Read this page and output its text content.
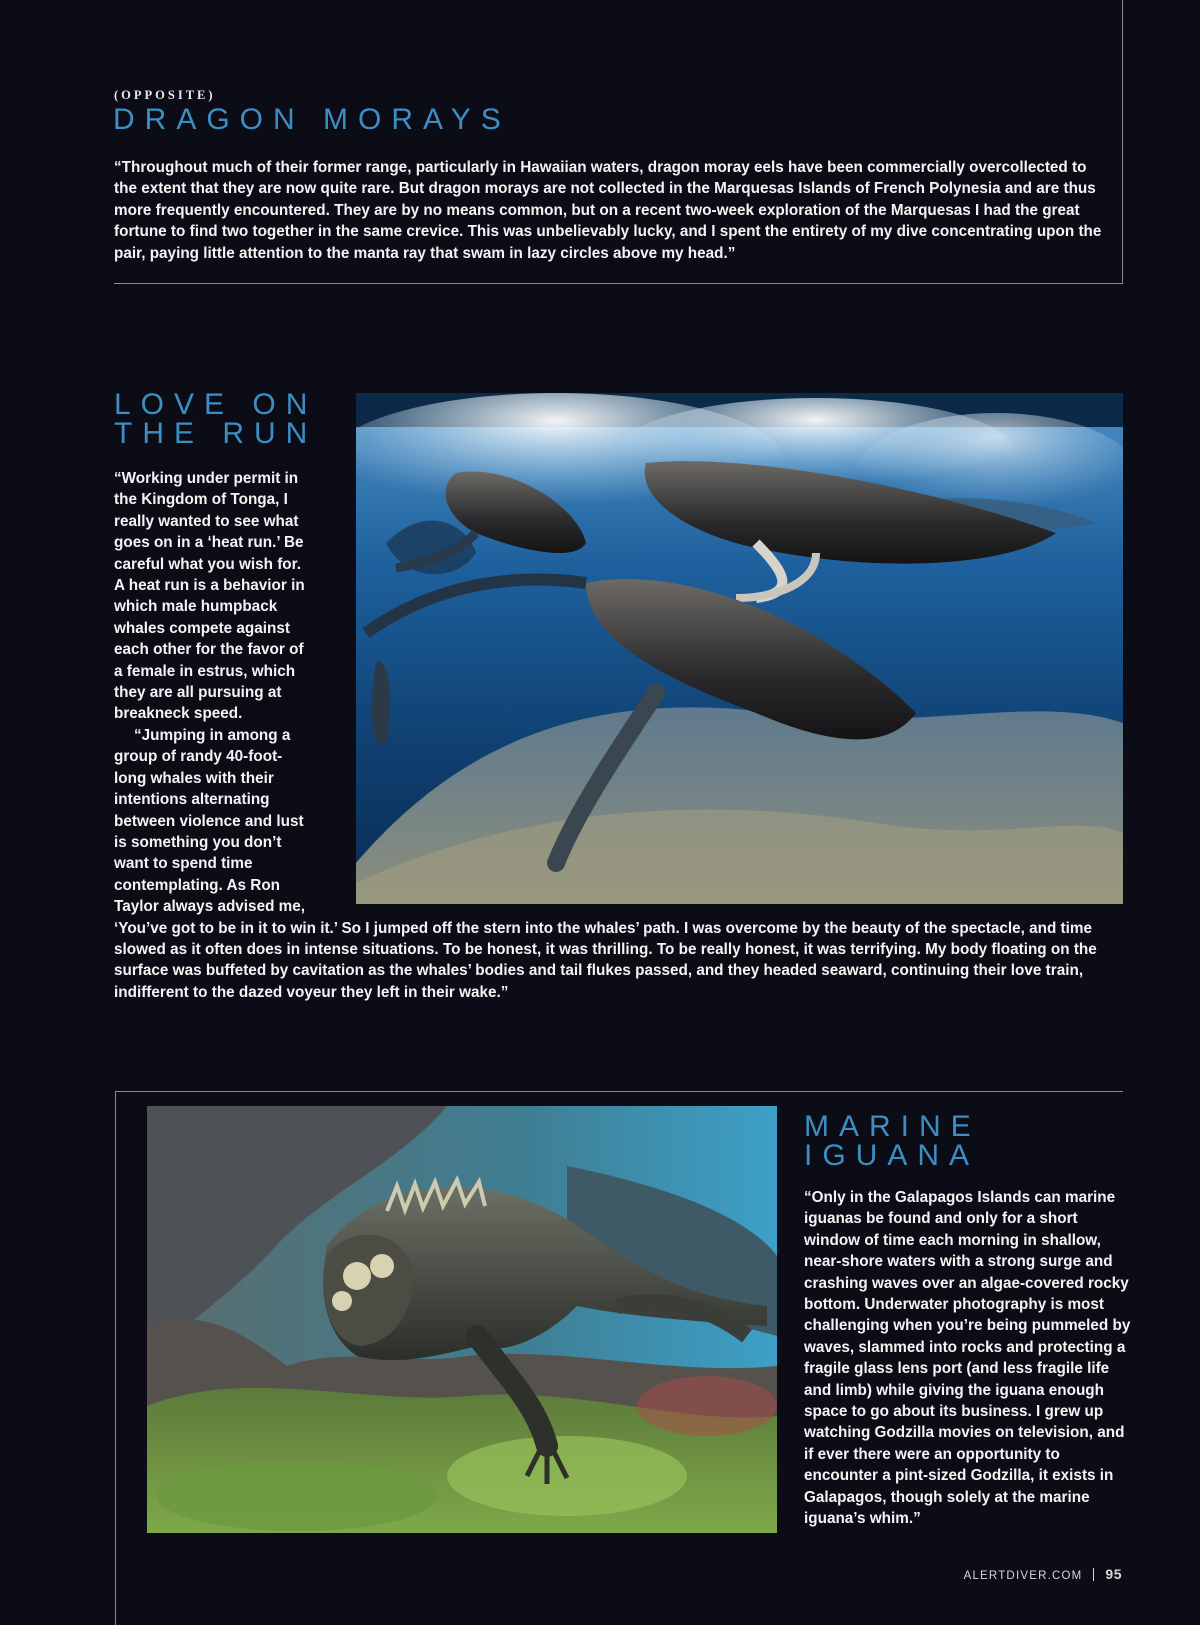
(OPPOSITE)
DRAGON MORAYS
“Throughout much of their former range, particularly in Hawaiian waters, dragon moray eels have been commercially overcollected to the extent that they are now quite rare. But dragon morays are not collected in the Marquesas Islands of French Polynesia and are thus more frequently encountered. They are by no means common, but on a recent two-week exploration of the Marquesas I had the great fortune to find two together in the same crevice. This was unbelievably lucky, and I spent the entirety of my dive concentrating upon the pair, paying little attention to the manta ray that swam in lazy circles above my head.”
LOVE ON
THE RUN
“Working under permit in the Kingdom of Tonga, I really wanted to see what goes on in a ‘heat run.’ Be careful what you wish for. A heat run is a behavior in which male humpback whales compete against each other for the favor of a female in estrus, which they are all pursuing at breakneck speed.
“Jumping in among a group of randy 40-foot-long whales with their intentions alternating between violence and lust is something you don’t want to spend time contemplating. As Ron Taylor always advised me, ‘You’ve got to be in it to win it.’ So I jumped off the stern into the whales’ path. I was overcome by the beauty of the spectacle, and time slowed as it often does in intense situations. To be honest, it was thrilling. To be really honest, it was terrifying. My body floating on the surface was buffeted by cavitation as the whales’ bodies and tail flukes passed, and they headed seaward, continuing their love train, indifferent to the dazed voyeur they left in their wake.”
MARINE
IGUANA
“Only in the Galapagos Islands can marine iguanas be found and only for a short window of time each morning in shallow, near-shore waters with a strong surge and crashing waves over an algae-covered rocky bottom. Underwater photography is most challenging when you’re being pummeled by waves, slammed into rocks and protecting a fragile glass lens port (and less fragile life and limb) while giving the iguana enough space to go about its business. I grew up watching Godzilla movies on television, and if ever there were an opportunity to encounter a pint-sized Godzilla, it exists in Galapagos, though solely at the marine iguana’s whim.”
ALERTDIVER.COM 95
